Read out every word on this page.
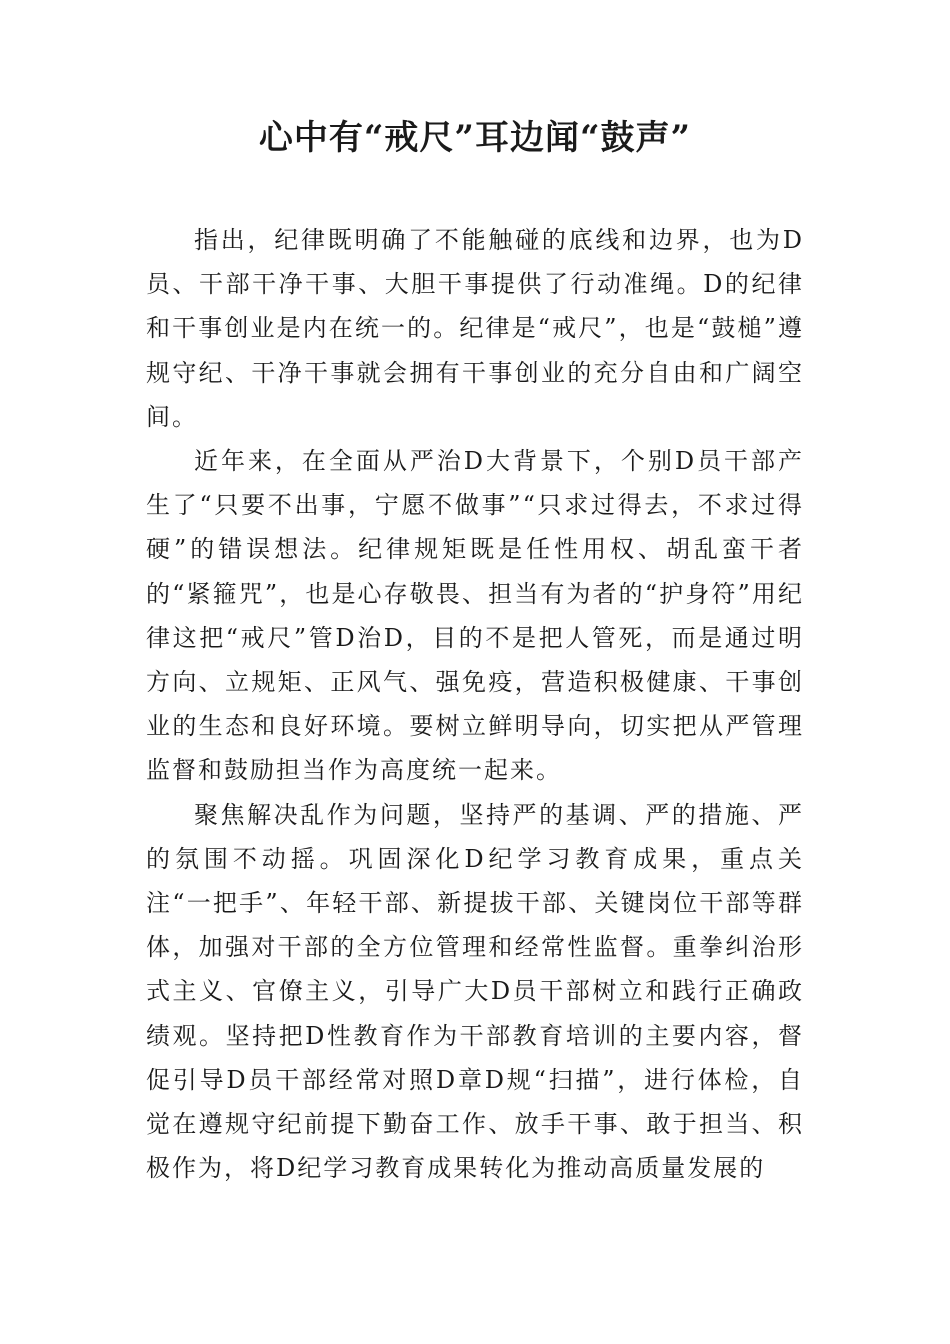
心中有“戒尺”耳边闻“鼓声”

指出，纪律既明确了不能触碰的底线和边界，也为D员、干部干净干事、大胆干事提供了行动准绳。D的纪律和干事创业是内在统一的。纪律是“戒尺”，也是“鼓槌”遵规守纪、干净干事就会拥有干事创业的充分自由和广阔空间。

近年来，在全面从严治D大背景下，个别D员干部产生了“只要不出事，宁愿不做事”“只求过得去，不求过得硬”的错误想法。纪律规矩既是任性用权、胡乱蛮干者的“紧箍咒”，也是心存敬畏、担当有为者的“护身符”用纪律这把“戒尺”管D治D，目的不是把人管死，而是通过明方向、立规矩、正风气、强免疫，营造积极健康、干事创业的生态和良好环境。要树立鲜明导向，切实把从严管理监督和鼓励担当作为高度统一起来。

聚焦解决乱作为问题，坚持严的基调、严的措施、严的氛围不动摇。巩固深化D纪学习教育成果，重点关注“一把手”、年轻干部、新提拔干部、关键岗位干部等群体，加强对干部的全方位管理和经常性监督。重拳纠治形式主义、官僚主义，引导广大D员干部树立和践行正确政绩观。坚持把D性教育作为干部教育培训的主要内容，督促引导D员干部经常对照D章D规“扫描”，进行体检，自觉在遵规守纪前提下勤奋工作、放手干事、敢于担当、积极作为，将D纪学习教育成果转化为推动高质量发展的
